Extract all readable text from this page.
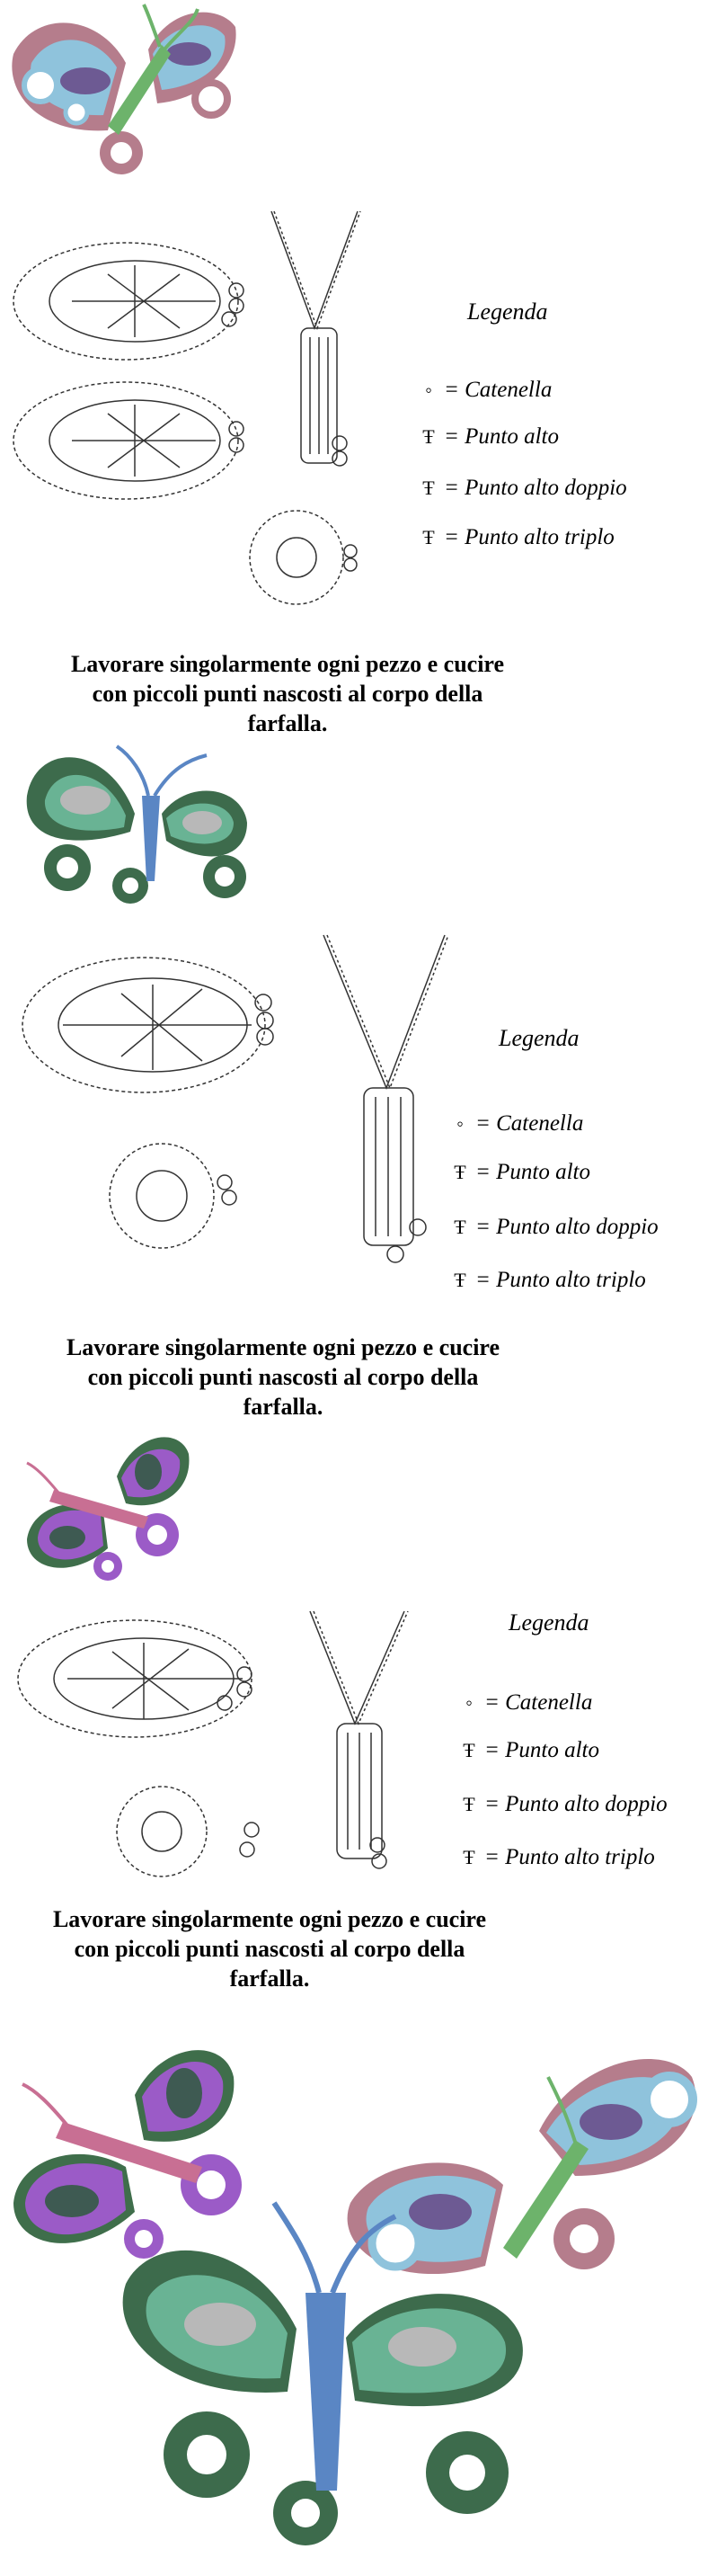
Legenda
◦ = Catenella
Ŧ = Punto alto
Ŧ = Punto alto doppio
Ŧ = Punto alto triplo
Lavorare singolarmente ogni pezzo e cucire
con piccoli punti nascosti al corpo della
farfalla.
Legenda
◦ = Catenella
Ŧ = Punto alto
Ŧ = Punto alto doppio
Ŧ = Punto alto triplo
Lavorare singolarmente ogni pezzo e cucire
con piccoli punti nascosti al corpo della
farfalla.
Legenda
◦ = Catenella
Ŧ = Punto alto
Ŧ = Punto alto doppio
Ŧ = Punto alto triplo
Lavorare singolarmente ogni pezzo e cucire
con piccoli punti nascosti al corpo della
farfalla.
